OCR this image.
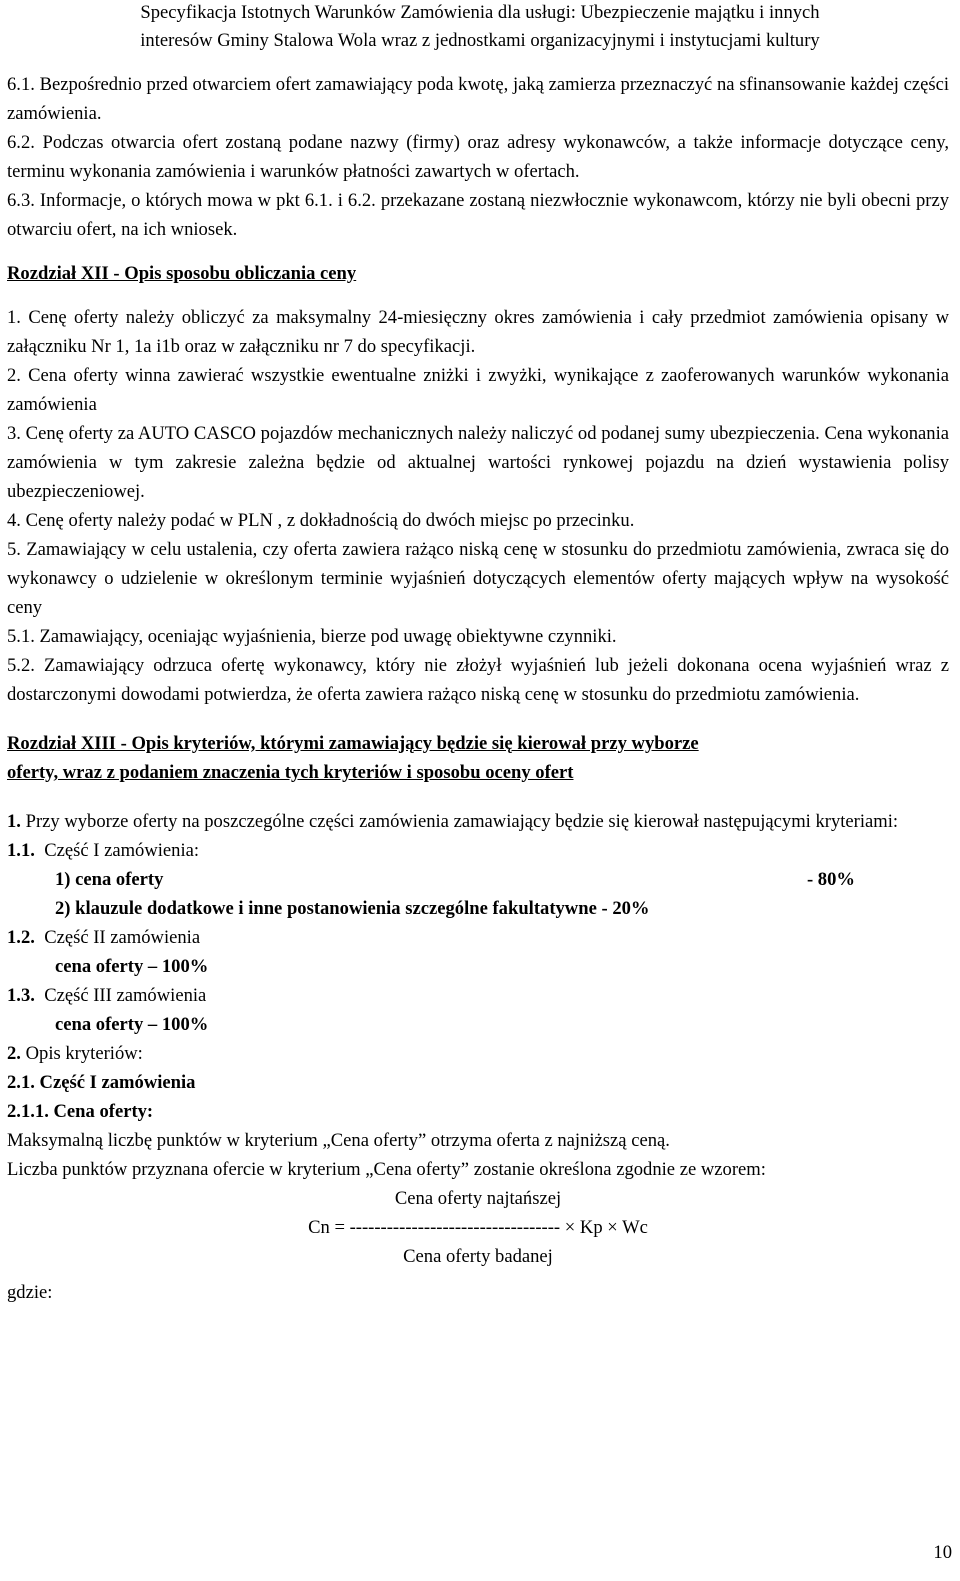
Specyfikacja Istotnych Warunków Zamówienia dla usługi: Ubezpieczenie majątku i innych
interesów Gminy Stalowa Wola wraz z jednostkami organizacyjnymi i instytucjami kultury

6.1. Bezpośrednio przed otwarciem ofert zamawiający poda kwotę, jaką zamierza przeznaczyć na sfinansowanie każdej części zamówienia.

6.2. Podczas otwarcia ofert zostaną podane nazwy (firmy) oraz adresy wykonawców, a także informacje dotyczące ceny, terminu wykonania zamówienia i warunków płatności zawartych w ofertach.

6.3. Informacje, o których mowa w pkt 6.1. i 6.2. przekazane zostaną niezwłocznie wykonawcom, którzy nie byli obecni przy otwarciu ofert, na ich wniosek.

Rozdział XII - Opis sposobu obliczania ceny

1. Cenę oferty należy obliczyć za maksymalny 24-miesięczny okres zamówienia i cały przedmiot zamówienia opisany w załączniku Nr 1, 1a i1b oraz w załączniku nr 7 do specyfikacji.

2. Cena oferty winna zawierać wszystkie ewentualne zniżki i zwyżki, wynikające z zaoferowanych warunków wykonania zamówienia

3. Cenę oferty za AUTO CASCO pojazdów mechanicznych należy naliczyć od podanej sumy ubezpieczenia. Cena wykonania zamówienia w tym zakresie zależna będzie od aktualnej wartości rynkowej pojazdu na dzień wystawienia polisy ubezpieczeniowej.

4. Cenę oferty należy podać w PLN , z dokładnością do dwóch miejsc po przecinku.

5. Zamawiający w celu ustalenia, czy oferta zawiera rażąco niską cenę w stosunku do przedmiotu zamówienia, zwraca się do wykonawcy o udzielenie w określonym terminie wyjaśnień dotyczących elementów oferty mających wpływ na wysokość ceny

5.1. Zamawiający, oceniając wyjaśnienia, bierze pod uwagę obiektywne czynniki.

5.2. Zamawiający odrzuca ofertę wykonawcy, który nie złożył wyjaśnień lub jeżeli dokonana ocena wyjaśnień wraz z dostarczonymi dowodami potwierdza, że oferta zawiera rażąco niską cenę w stosunku do przedmiotu zamówienia.

Rozdział XIII - Opis kryteriów, którymi zamawiający będzie się kierował przy wyborze
oferty, wraz z podaniem znaczenia tych kryteriów i sposobu oceny ofert

1. Przy wyborze oferty na poszczególne części zamówienia zamawiający będzie się kierował następującymi kryteriami:

1.1. Część I zamówienia:
1) cena oferty	- 80%
2) klauzule dodatkowe i inne postanowienia szczególne fakultatywne - 20%
1.2. Część II zamówienia
cena oferty – 100%
1.3. Część III zamówienia
cena oferty – 100%

2. Opis kryteriów:

2.1. Część I zamówienia

2.1.1. Cena oferty:

Maksymalną liczbę punktów w kryterium „Cena oferty” otrzyma oferta z najniższą ceną.

Liczba punktów przyznana ofercie w kryterium „Cena oferty” zostanie określona zgodnie ze wzorem:

Cena oferty najtańszej
Cn = ---------------------------------- × Kp × Wc
Cena oferty badanej

gdzie:

10
